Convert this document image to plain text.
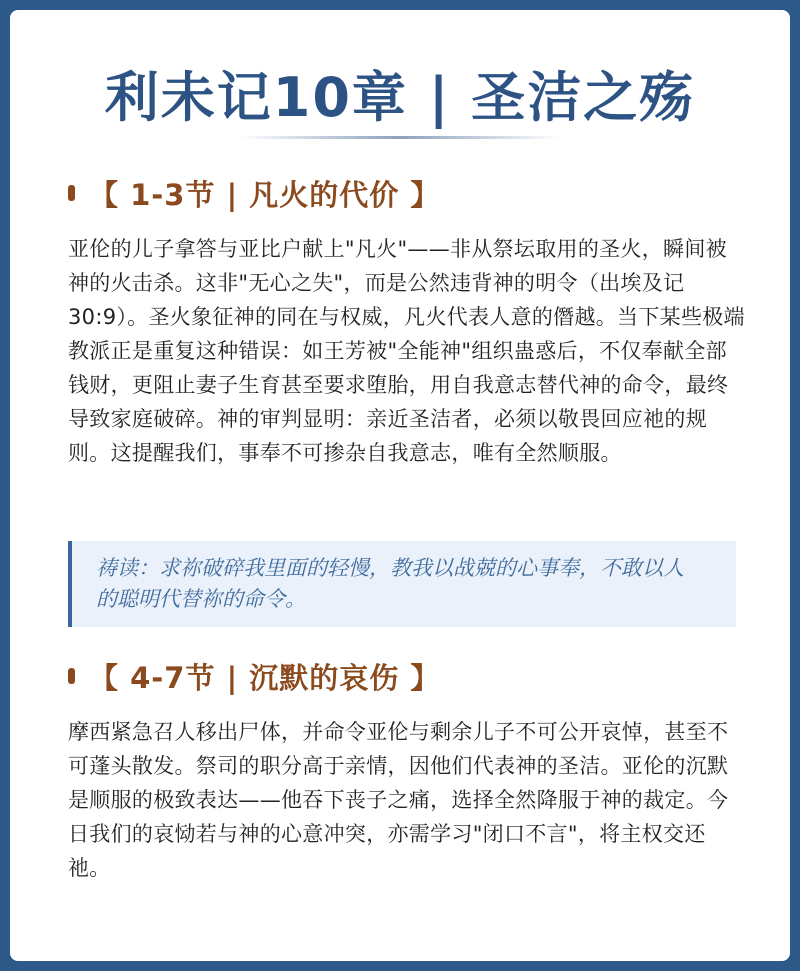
利未记10章 | 圣洁之殇
【 1-3节 | 凡火的代价 】

亚伦的儿子拿答与亚比户献上"凡火"——非从祭坛取用的圣火，瞬间被神的火击杀。这非"无心之失"，而是公然违背神的明令（出埃及记30:9）。圣火象征神的同在与权威，凡火代表人意的僭越。当下某些极端教派正是重复这种错误：如王芳被"全能神"组织蛊惑后，不仅奉献全部钱财，更阻止妻子生育甚至要求堕胎，用自我意志替代神的命令，最终导致家庭破碎。神的审判显明：亲近圣洁者，必须以敬畏回应祂的规则。这提醒我们，事奉不可掺杂自我意志，唯有全然顺服。

祷读：求祢破碎我里面的轻慢，教我以战兢的心事奉，不敢以人的聪明代替祢的命令。

【 4-7节 | 沉默的哀伤 】

摩西紧急召人移出尸体，并命令亚伦与剩余儿子不可公开哀悼，甚至不可蓬头散发。祭司的职分高于亲情，因他们代表神的圣洁。亚伦的沉默是顺服的极致表达——他吞下丧子之痛，选择全然降服于神的裁定。今日我们的哀恸若与神的心意冲突，亦需学习"闭口不言"，将主权交还祂。
